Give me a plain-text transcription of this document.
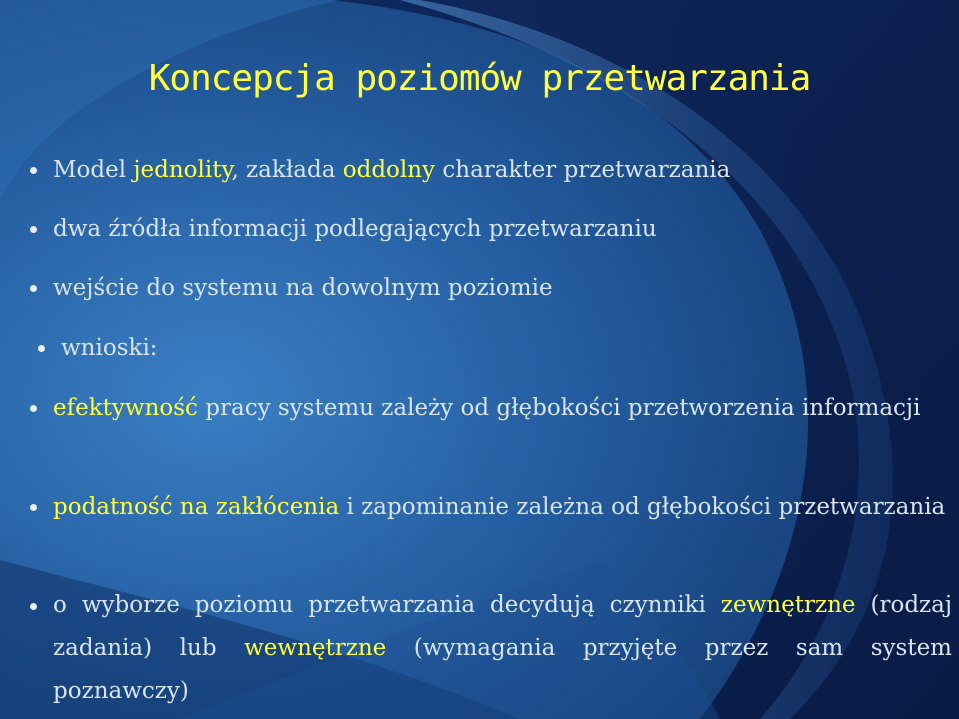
Koncepcja poziomów przetwarzania
Model jednolity, zakłada oddolny charakter przetwarzania
dwa źródła informacji podlegających przetwarzaniu
wejście do systemu na dowolnym poziomie
wnioski:
efektywność pracy systemu zależy od głębokości przetworzenia informacji
podatność na zakłócenia i zapominanie zależna od głębokości przetwarzania
o wyborze poziomu przetwarzania decydują czynniki zewnętrzne (rodzaj zadania) lub wewnętrzne (wymagania przyjęte przez sam system poznawczy)
